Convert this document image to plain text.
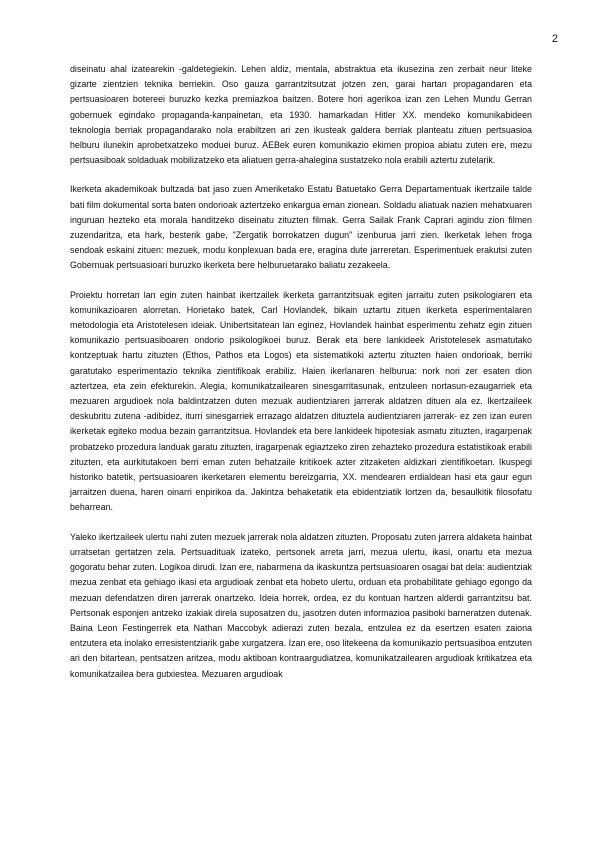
2

diseinatu ahal izatearekin -galdetegiekin. Lehen aldiz, mentala, abstraktua eta ikusezina zen zerbait neur liteke gizarte zientzien teknika berriekin. Oso gauza garrantzitsutzat jotzen zen, garai hartan propagandaren eta pertsuasioaren botereei buruzko kezka premiazkoa baitzen. Botere hori agerikoa izan zen Lehen Mundu Gerran gobernuek egindako propaganda-kanpainetan, eta 1930. hamarkadan Hitler XX. mendeko komunikabideen teknologia berriak propagandarako nola erabiltzen ari zen ikusteak galdera berriak planteatu zituen pertsuasioa helburu ilunekin aprobetxatzeko moduei buruz. AEBek euren komunikazio ekimen propioa abiatu zuten ere, mezu pertsuasiboak soldaduak mobilizatzeko eta aliatuen gerra-ahalegina sustatzeko nola erabili aztertu zutelarik.

Ikerketa akademikoak bultzada bat jaso zuen Ameriketako Estatu Batuetako Gerra Departamentuak ikertzaile talde bati film dokumental sorta baten ondorioak aztertzeko enkargua eman zionean. Soldadu aliatuak nazien mehatxuaren inguruan hezteko eta morala handitzeko diseinatu zituzten filmak. Gerra Sailak Frank Caprari agindu zion filmen zuzendaritza, eta hark, besterik gabe, "Zergatik borrokatzen dugun" izenburua jarri zien. Ikerketak lehen froga sendoak eskaini zituen: mezuek, modu konplexuan bada ere, eragina dute jarreretan. Esperimentuek erakutsi zuten Gobernuak pertsuasioari buruzko ikerketa bere helburuetarako baliatu zezakeela.

Proiektu horretan lan egin zuten hainbat ikertzailek ikerketa garrantzitsuak egiten jarraitu zuten psikologiaren eta komunikazioaren alorretan. Horietako batek, Carl Hovlandek, bikain uztartu zituen ikerketa esperimentalaren metodologia eta Aristotelesen ideiak. Unibertsitatean lan eginez, Hovlandek hainbat esperimentu zehatz egin zituen komunikazio pertsuasiboaren ondorio psikologikoei buruz. Berak eta bere lankideek Aristotelesek asmatutako kontzeptuak hartu zituzten (Ethos, Pathos eta Logos) eta sistematikoki aztertu zituzten haien ondorioak, berriki garatutako esperimentazio teknika zientifikoak erabiliz. Haien ikerlanaren helburua: nork nori zer esaten dion aztertzea, eta zein efekturekin. Alegia, komunikatzailearen sinesgarritasunak, entzuleen nortasun-ezaugarriek eta mezuaren argudioek nola baldintzatzen duten mezuak audientziaren jarrerak aldatzen dituen ala ez. Ikertzaileek deskubritu zutena -adibidez, iturri sinesgarriek errazago aldatzen dituztela audientziaren jarrerak- ez zen izan euren ikerketak egiteko modua bezain garrantzitsua. Hovlandek eta bere lankideek hipotesiak asmatu zituzten, iragarpenak probatzeko prozedura landuak garatu zituzten, iragarpenak egiaztzeko ziren zehazteko prozedura estatistikoak erabili zituzten, eta aurkitutakoen berri eman zuten behatzaile kritikoek azter zitzaketen aldizkari zientifikoetan. Ikuspegi historiko batetik, pertsuasioaren ikerketaren elementu bereizgarria, XX. mendearen erdialdean hasi eta gaur egun jarraitzen duena, haren oinarri enpirikoa da. Jakintza behaketatik eta ebidentziatik lortzen da, besaulkitik filosofatu beharrean.

Yaleko ikertzaileek ulertu nahi zuten mezuek jarrerak nola aldatzen zituzten. Proposatu zuten jarrera aldaketa hainbat urratsetan gertatzen zela. Pertsuadituak izateko, pertsonek arreta jarri, mezua ulertu, ikasi, onartu eta mezua gogoratu behar zuten. Logikoa dirudi. Izan ere, nabarmena da ikaskuntza pertsuasioaren osagai bat dela: audientziak mezua zenbat eta gehiago ikasi eta argudioak zenbat eta hobeto ulertu, orduan eta probabilitate gehiago egongo da mezuan defendatzen diren jarrerak onartzeko. Ideia horrek, ordea, ez du kontuan hartzen alderdi garrantzitsu bat. Pertsonak esponjen antzeko izakiak direla suposatzen du, jasotzen duten informazioa pasiboki barneratzen dutenak. Baina Leon Festingerrek eta Nathan Maccobyk adierazi zuten bezala, entzulea ez da esertzen esaten zaiona entzutera eta inolako erresistentziarik gabe xurgatzera. Izan ere, oso litekeena da komunikazio pertsuasiboa entzuten ari den bitartean, pentsatzen aritzea, modu aktiboan kontraargudiatzea, komunikatzailearen argudioak kritikatzea eta komunikatzailea bera gutxiestea. Mezuaren argudioak
